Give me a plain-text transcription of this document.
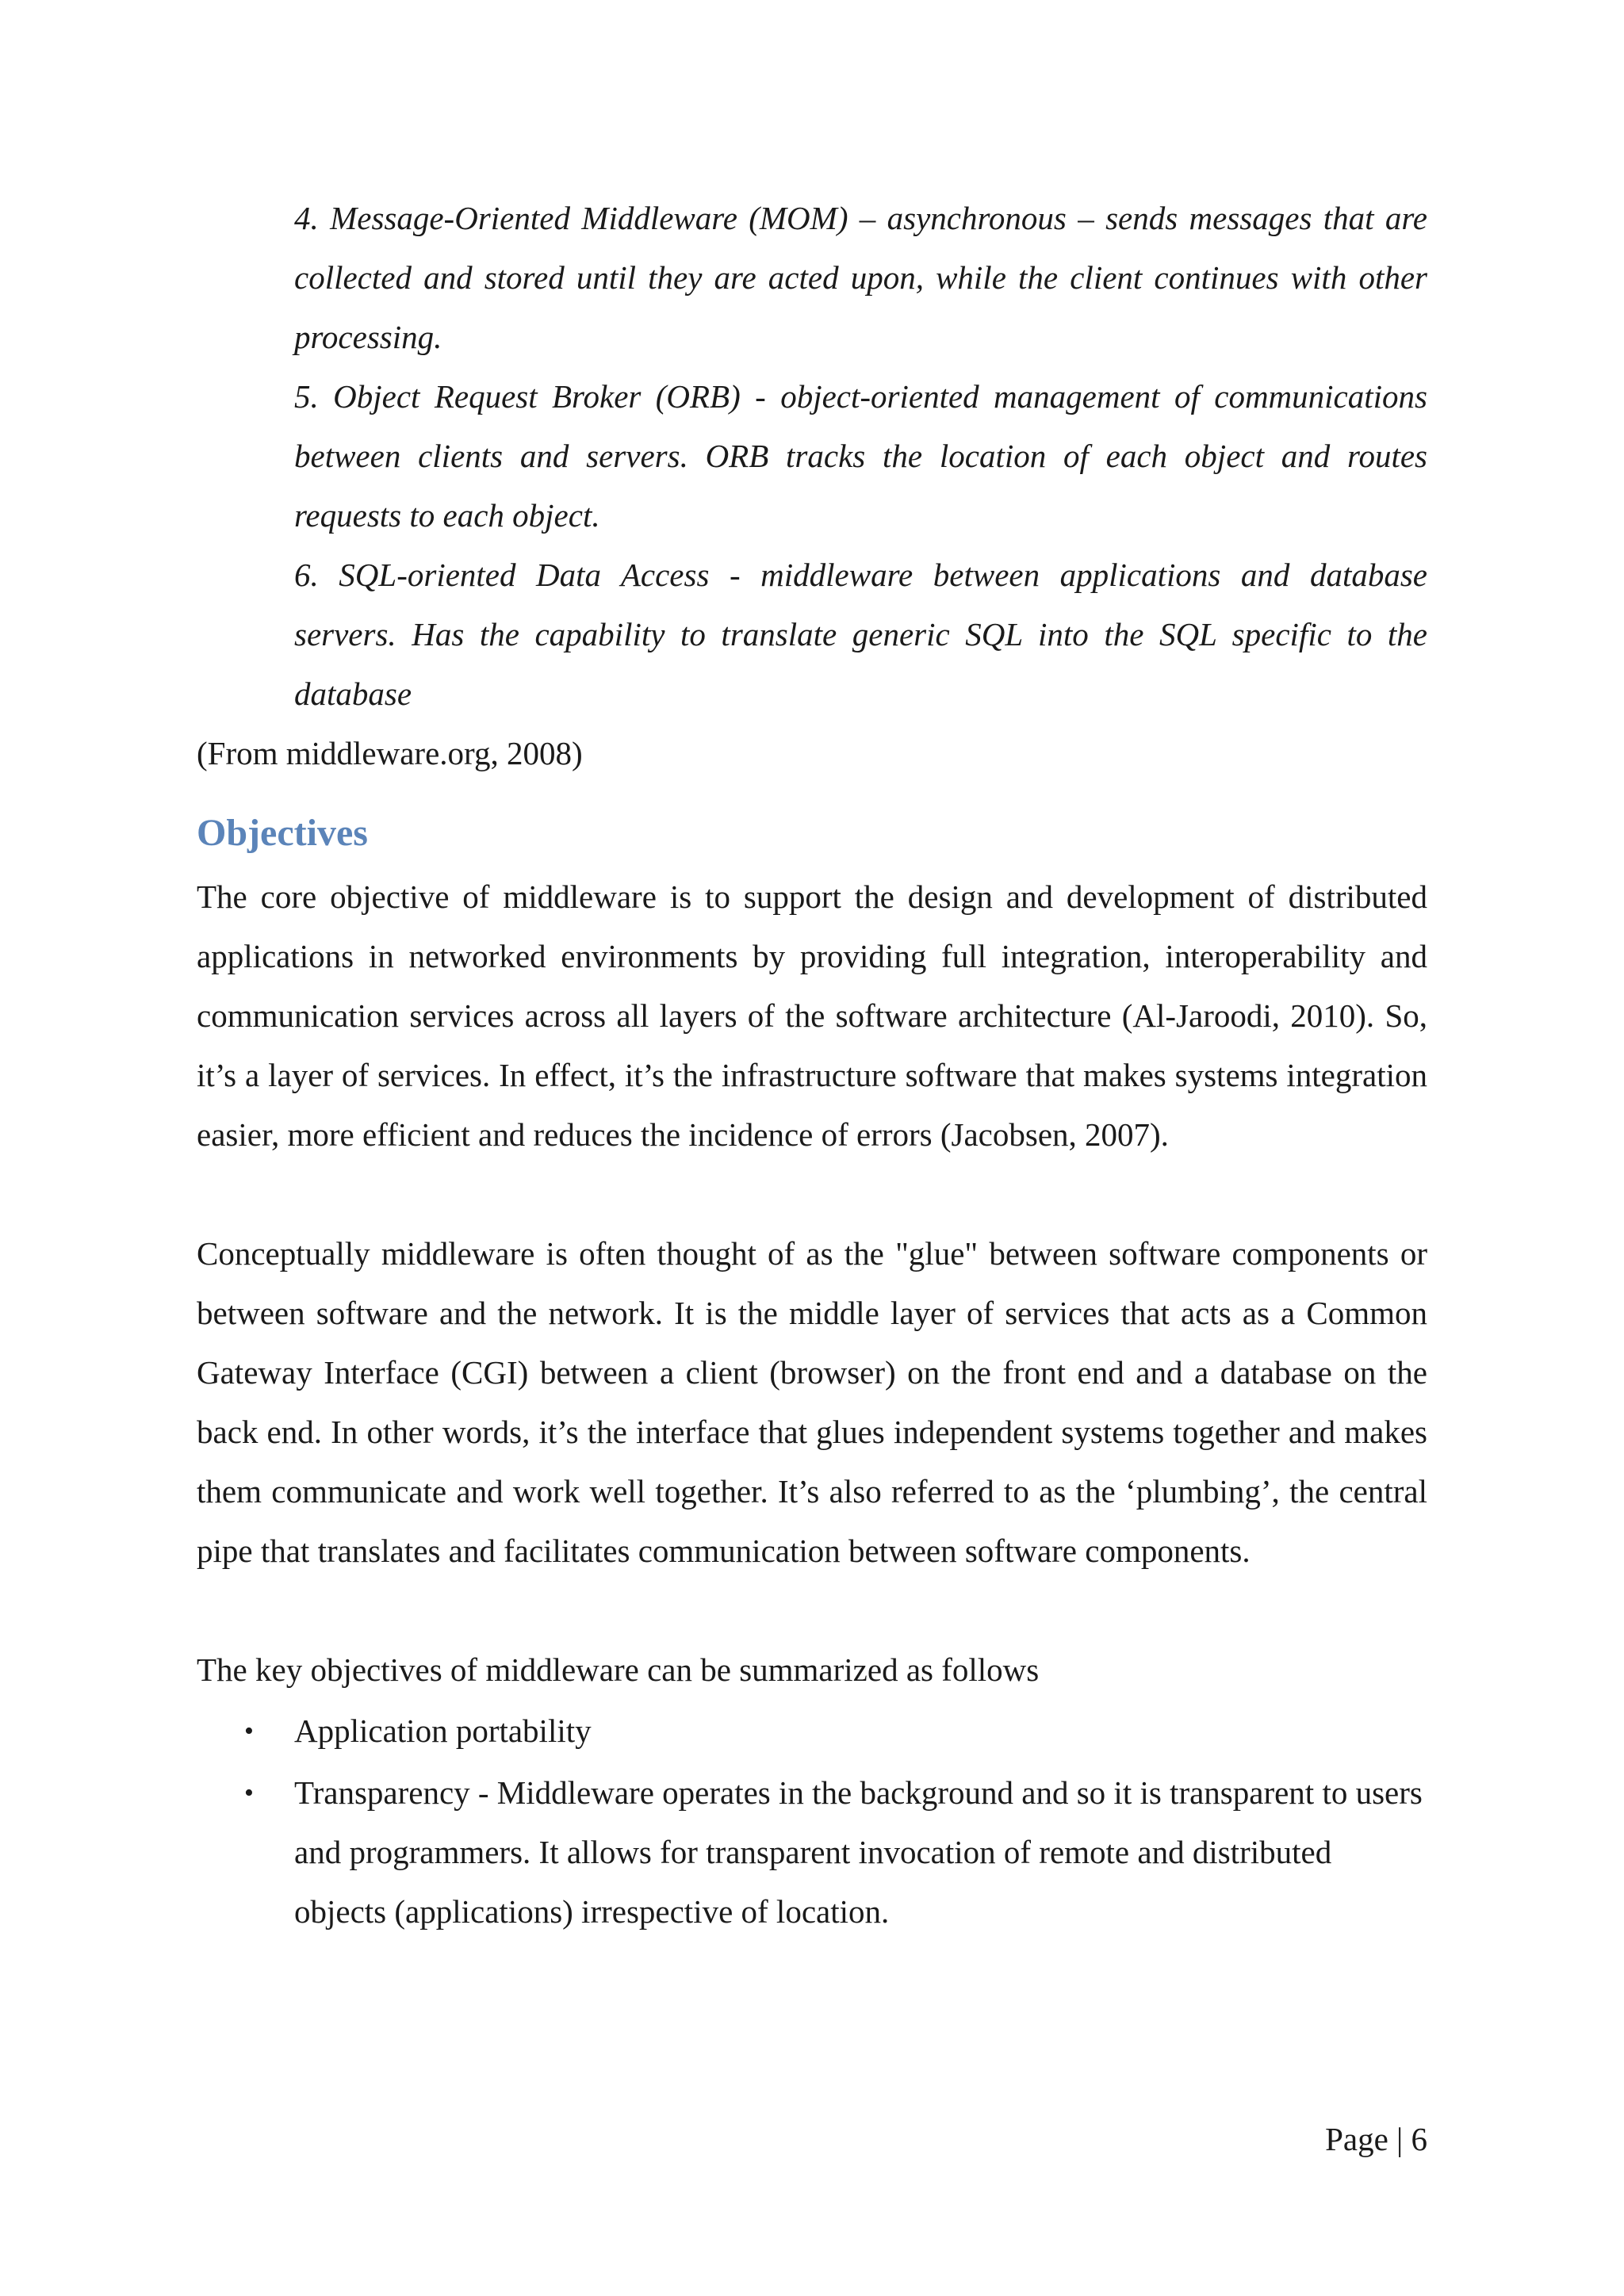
4. Message-Oriented Middleware (MOM) – asynchronous – sends messages that are collected and stored until they are acted upon, while the client continues with other processing.

5. Object Request Broker (ORB) - object-oriented management of communications between clients and servers. ORB tracks the location of each object and routes requests to each object.

6. SQL-oriented Data Access - middleware between applications and database servers. Has the capability to translate generic SQL into the SQL specific to the database

(From middleware.org, 2008)

Objectives

The core objective of middleware is to support the design and development of distributed applications in networked environments by providing full integration, interoperability and communication services across all layers of the software architecture (Al-Jaroodi, 2010). So, it’s a layer of services. In effect, it’s the infrastructure software that makes systems integration easier, more efficient and reduces the incidence of errors (Jacobsen, 2007).

Conceptually middleware is often thought of as the "glue" between software components or between software and the network. It is the middle layer of services that acts as a Common Gateway Interface (CGI) between a client (browser) on the front end and a database on the back end. In other words, it’s the interface that glues independent systems together and makes them communicate and work well together. It’s also referred to as the ‘plumbing’, the central pipe that translates and facilitates communication between software components.

The key objectives of middleware can be summarized as follows

• Application portability
• Transparency - Middleware operates in the background and so it is transparent to users and programmers. It allows for transparent invocation of remote and distributed objects (applications) irrespective of location.
Page | 6
